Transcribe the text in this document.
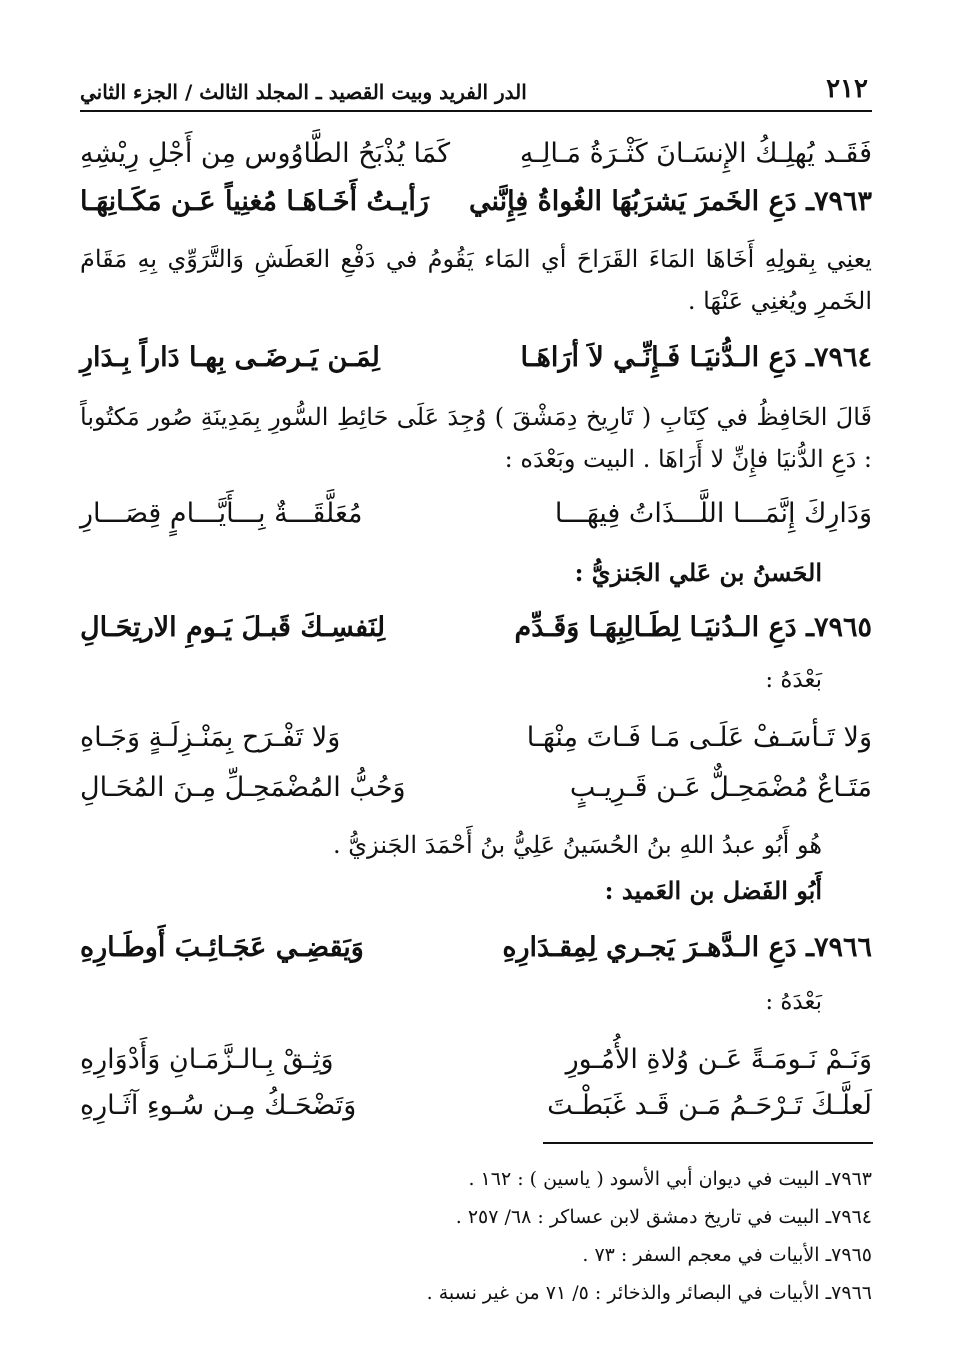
٢١٢
الدر الفريد وبيت القصيد ـ المجلد الثالث / الجزء الثاني
فَقَـد يُهلِـكُ الإِنسَـانَ كَثْـرَةُ مَـالِـهِ
كَمَا يُذْبَحُ الطَّاوُوس مِن أَجْلِ رِيْشِهِ
٧٩٦٣ـ دَعِ الخَمرَ يَشرَبُهَا الغُواةُ فِإِنَّني
رَأيـتُ أَخَـاهَـا مُغنِياً عَـن مَكَـانِهَـا
يعنِي بِقولِهِ أَخَاهَا المَاءَ القَرَاحَ أي المَاء يَقُومُ في دَفْعِ العَطَشِ وَالتَّرَوِّي بِهِ مَقَامَ الخَمرِ ويُغنِي عَنْهَا .
٧٩٦٤ـ دَعِ الـدُّنيَـا فَـإِنِّـي لاَ أرَاهَـا
لِمَـن يَـرضَـى بِهـا دَاراً بِـدَارِ
قَالَ الحَافِظُ في كِتَابِ ( تَارِيخ دِمَشْقَ ) وُجِدَ عَلَى حَائِطِ السُّورِ بِمَدِينَةِ صُور مَكتُوباً : دَعِ الدُّنيَا فإِنِّ لا أَرَاهَا . البيت وبَعْدَه :
وَدَارِكَ إِنَّمَـــا اللَّـــذَاتُ فِيهَـــا
مُعَلَّقَـــةٌ بِـــأَيَّـــامٍ قِصَـــارِ
الحَسنُ بن عَلي الجَنزيُّ :
٧٩٦٥ـ دَعِ الـدُنيَـا لِطَـالِبِهَـا وَقَـدِّم
لِنَفسِـكَ قَبـلَ يَـومِ الارتِحَـالِ
بَعْدَهُ :
وَلا تَـأسَـفْ عَلَـى مَـا فَـاتَ مِنْهَـا
وَلا تَفْـرَح بِمَنْـزِلَـةٍ وَجَـاهِ
مَتَـاعٌ مُضْمَحِـلٌّ عَـن قَـرِيـبٍ
وَحُبُّ المُضْمَحِـلِّ مِـنَ المُحَـالِ
هُو أَبُو عبدُ اللهِ بنُ الحُسَينُ عَلِيُّ بنُ أَحْمَدَ الجَنزيُّ .
أَبُو الفَضل بن العَميد :
٧٩٦٦ـ دَعِ الـدَّهـرَ يَجـري لِمِقـدَارِهِ
وَيَقضِـي عَجَـائِـبَ أَوطَـارِهِ
بَعْدَهُ :
وَنَـمْ نَـومَـةً عَـن وُلاةِ الأُمُـورِ
وَثِـقْ بِـالـزَّمَـانِ وَأَدْوَارِهِ
لَعلَّـكَ تَـرْحَـمُ مَـن قَـد غَبَطْـتَ
وَتَضْحَـكُ مِـن سُـوءِ آثَـارِهِ
٧٩٦٣ـ البيت في ديوان أبي الأسود ( ياسين ) : ١٦٢ .
٧٩٦٤ـ البيت في تاريخ دمشق لابن عساكر : ٦٨/ ٢٥٧ .
٧٩٦٥ـ الأبيات في معجم السفر : ٧٣ .
٧٩٦٦ـ الأبيات في البصائر والذخائر : ٥/ ٧١ من غير نسبة .
